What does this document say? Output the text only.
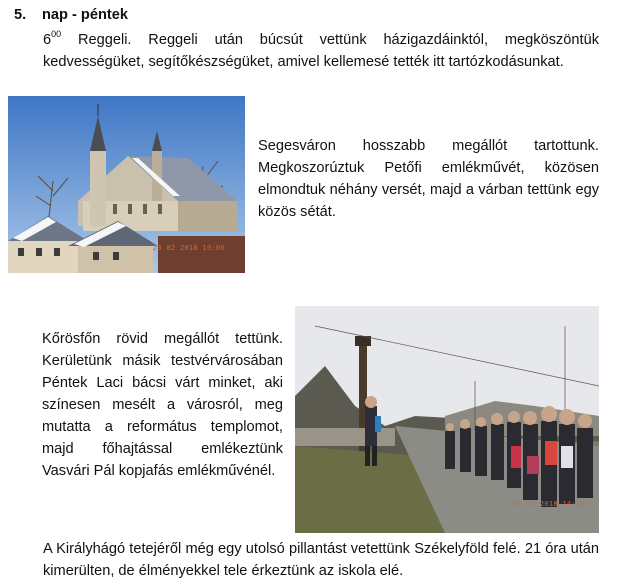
5. nap - péntek
$6^{00}$ Reggeli. Reggeli után búcsút vettünk házigazdáinktól, megköszöntük kedvességüket, segítőkészségüket, amivel kellemesé tették itt tartózkodásunkat.
23 02 2018 10:06
Segesváron hosszabb megállót tartottunk. Megkoszorúztuk Petőfi emlékművét, közösen elmondtuk néhány versét, majd a várban tettünk egy közös sétát.
Kőrösfőn rövid megállót tettünk. Kerületünk másik testvérvárosában Péntek Laci bácsi várt minket, aki színesen mesélt a városról, meg mutatta a református templomot, majd főhajtással emlékeztünk Vasvári Pál kopjafás emlékművénél.
23 02 2018 14:58
A Királyhágó tetejéről még egy utolsó pillantást vetettünk Székelyföld felé. 21 óra után kimerülten, de élményekkel tele érkeztünk az iskola elé.
